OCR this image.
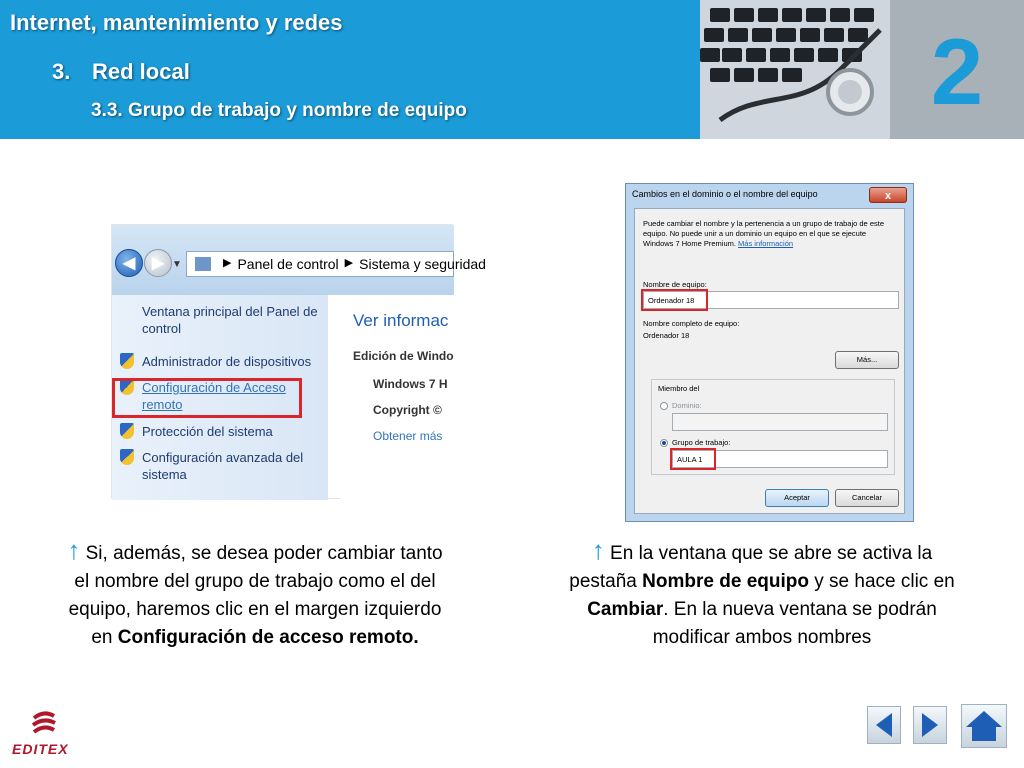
Internet, mantenimiento y redes
3. Red local
3.3. Grupo de trabajo y nombre de equipo	2
◀	▶ ▼	▶ Panel de control ▶ Sistema y seguridad
Ventana principal del Panel de control
Administrador de dispositivos
Configuración de Acceso remoto
Protección del sistema
Configuración avanzada del sistema
Ver informac
Edición de Windo
Windows 7 H
Copyright ©
Obtener más
Cambios en el dominio o el nombre del equipo	x
Puede cambiar el nombre y la pertenencia a un grupo de trabajo de este equipo. No puede unir a un dominio un equipo en el que se ejecute Windows 7 Home Premium. Más información
Nombre de equipo:
Ordenador 18
Nombre completo de equipo:
Ordenador 18
Más...
Miembro del
Dominio:
Grupo de trabajo:
AULA 1
Aceptar	Cancelar
↑ Si, además, se desea poder cambiar tanto el nombre del grupo de trabajo como el del equipo, haremos clic en el margen izquierdo en Configuración de acceso remoto.
↑ En la ventana que se abre se activa la pestaña Nombre de equipo y se hace clic en Cambiar. En la nueva ventana se podrán modificar ambos nombres
EDITEX
